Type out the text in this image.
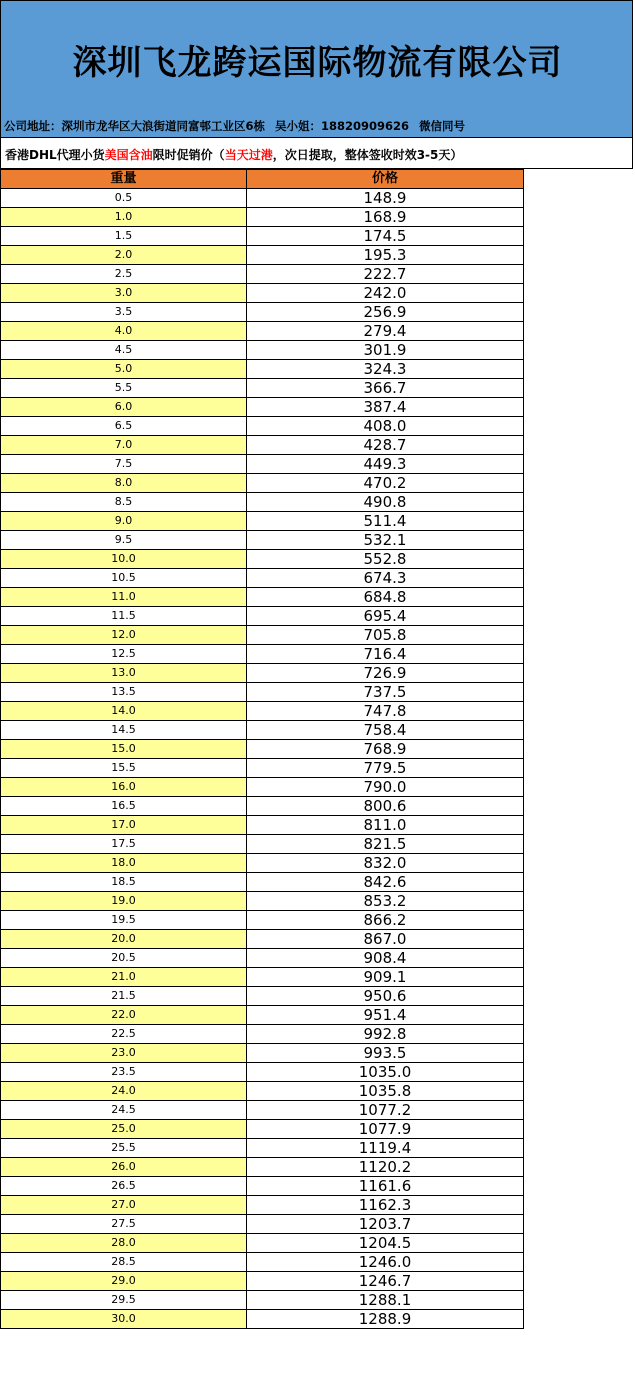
深圳飞龙跨运国际物流有限公司
公司地址：深圳市龙华区大浪街道同富邨工业区6栋 吴小姐：18820909626 微信同号
香港DHL代理小货美国含油限时促销价（当天过港，次日提取，整体签收时效3-5天）
重量	价格
0.5	148.9
1.0	168.9
1.5	174.5
2.0	195.3
2.5	222.7
3.0	242.0
3.5	256.9
4.0	279.4
4.5	301.9
5.0	324.3
5.5	366.7
6.0	387.4
6.5	408.0
7.0	428.7
7.5	449.3
8.0	470.2
8.5	490.8
9.0	511.4
9.5	532.1
10.0	552.8
10.5	674.3
11.0	684.8
11.5	695.4
12.0	705.8
12.5	716.4
13.0	726.9
13.5	737.5
14.0	747.8
14.5	758.4
15.0	768.9
15.5	779.5
16.0	790.0
16.5	800.6
17.0	811.0
17.5	821.5
18.0	832.0
18.5	842.6
19.0	853.2
19.5	866.2
20.0	867.0
20.5	908.4
21.0	909.1
21.5	950.6
22.0	951.4
22.5	992.8
23.0	993.5
23.5	1035.0
24.0	1035.8
24.5	1077.2
25.0	1077.9
25.5	1119.4
26.0	1120.2
26.5	1161.6
27.0	1162.3
27.5	1203.7
28.0	1204.5
28.5	1246.0
29.0	1246.7
29.5	1288.1
30.0	1288.9
